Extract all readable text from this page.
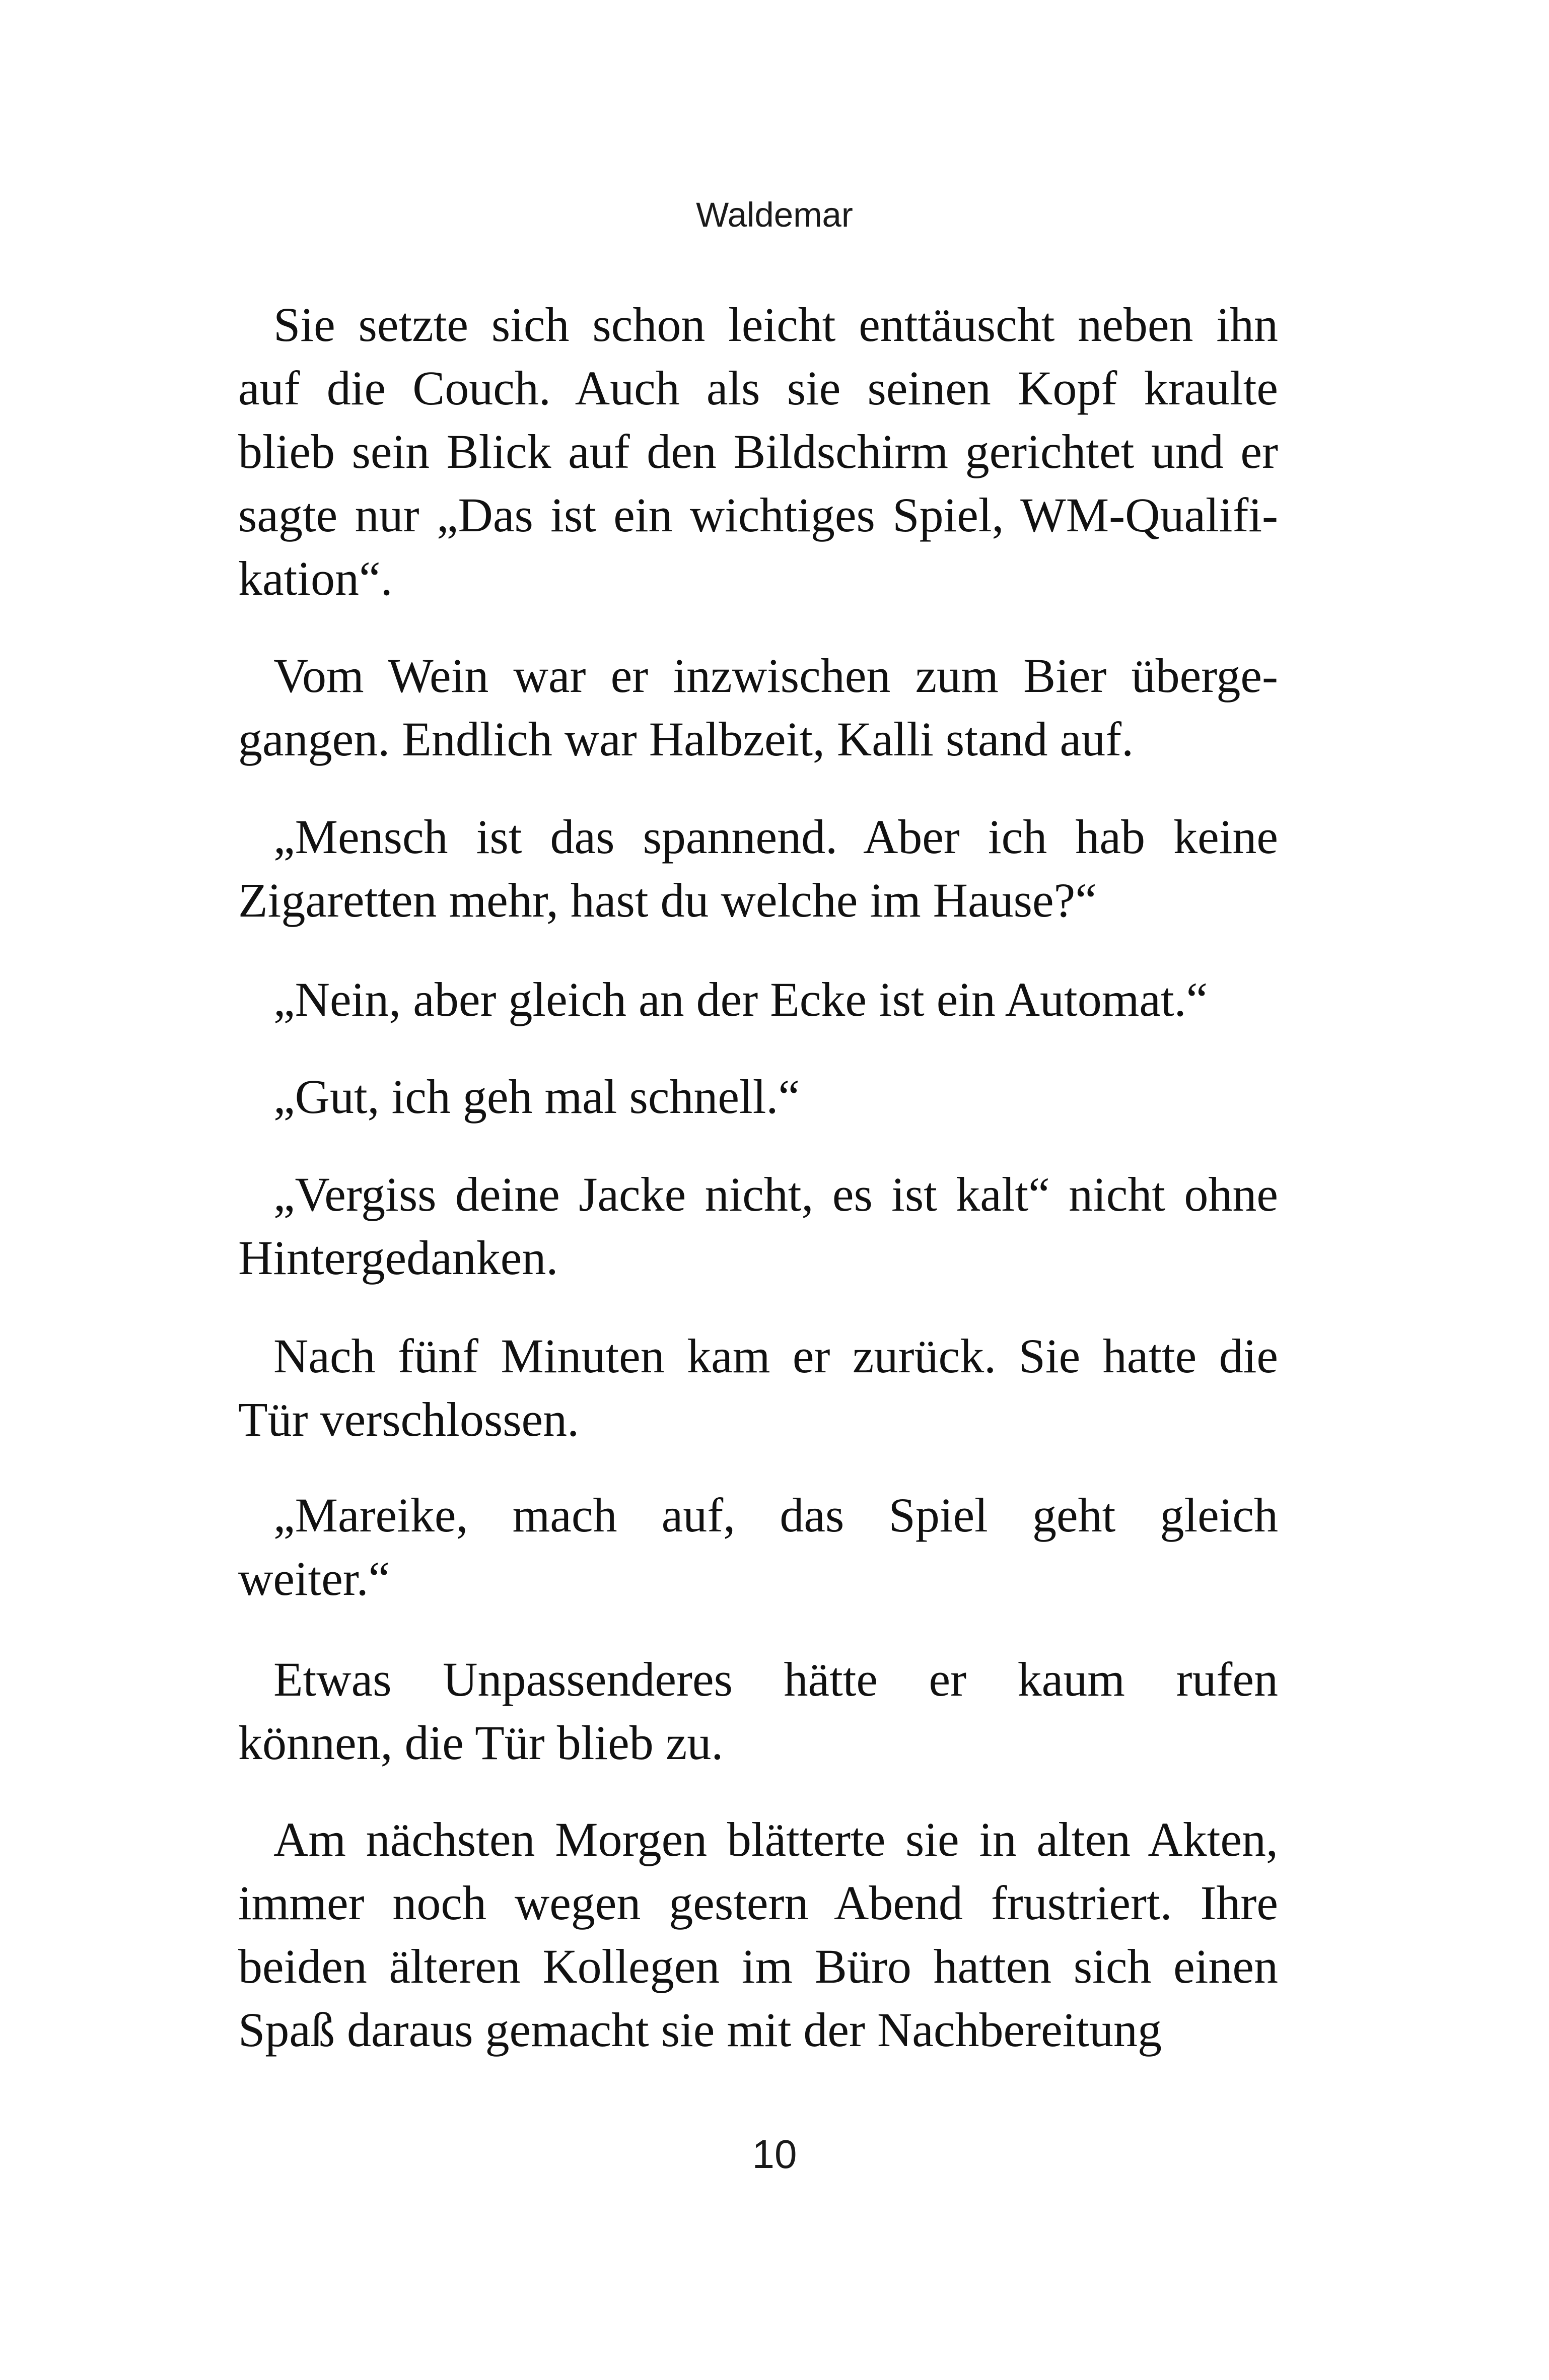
Waldemar
Sie setzte sich schon leicht enttäuscht neben ihn
auf die Couch. Auch als sie seinen Kopf kraulte
blieb sein Blick auf den Bildschirm gerichtet und er
sagte nur „Das ist ein wichtiges Spiel, WM-Qualifi-
kation“.
Vom Wein war er inzwischen zum Bier überge-
gangen. Endlich war Halbzeit, Kalli stand auf.
„Mensch ist das spannend. Aber ich hab keine
Zigaretten mehr, hast du welche im Hause?“
„Nein, aber gleich an der Ecke ist ein Automat.“
„Gut, ich geh mal schnell.“
„Vergiss deine Jacke nicht, es ist kalt“ nicht ohne
Hintergedanken.
Nach fünf Minuten kam er zurück. Sie hatte die
Tür verschlossen.
„Mareike, mach auf, das Spiel geht gleich
weiter.“
Etwas Unpassenderes hätte er kaum rufen
können, die Tür blieb zu.
Am nächsten Morgen blätterte sie in alten Akten,
immer noch wegen gestern Abend frustriert. Ihre
beiden älteren Kollegen im Büro hatten sich einen
Spaß daraus gemacht sie mit der Nachbereitung
10
